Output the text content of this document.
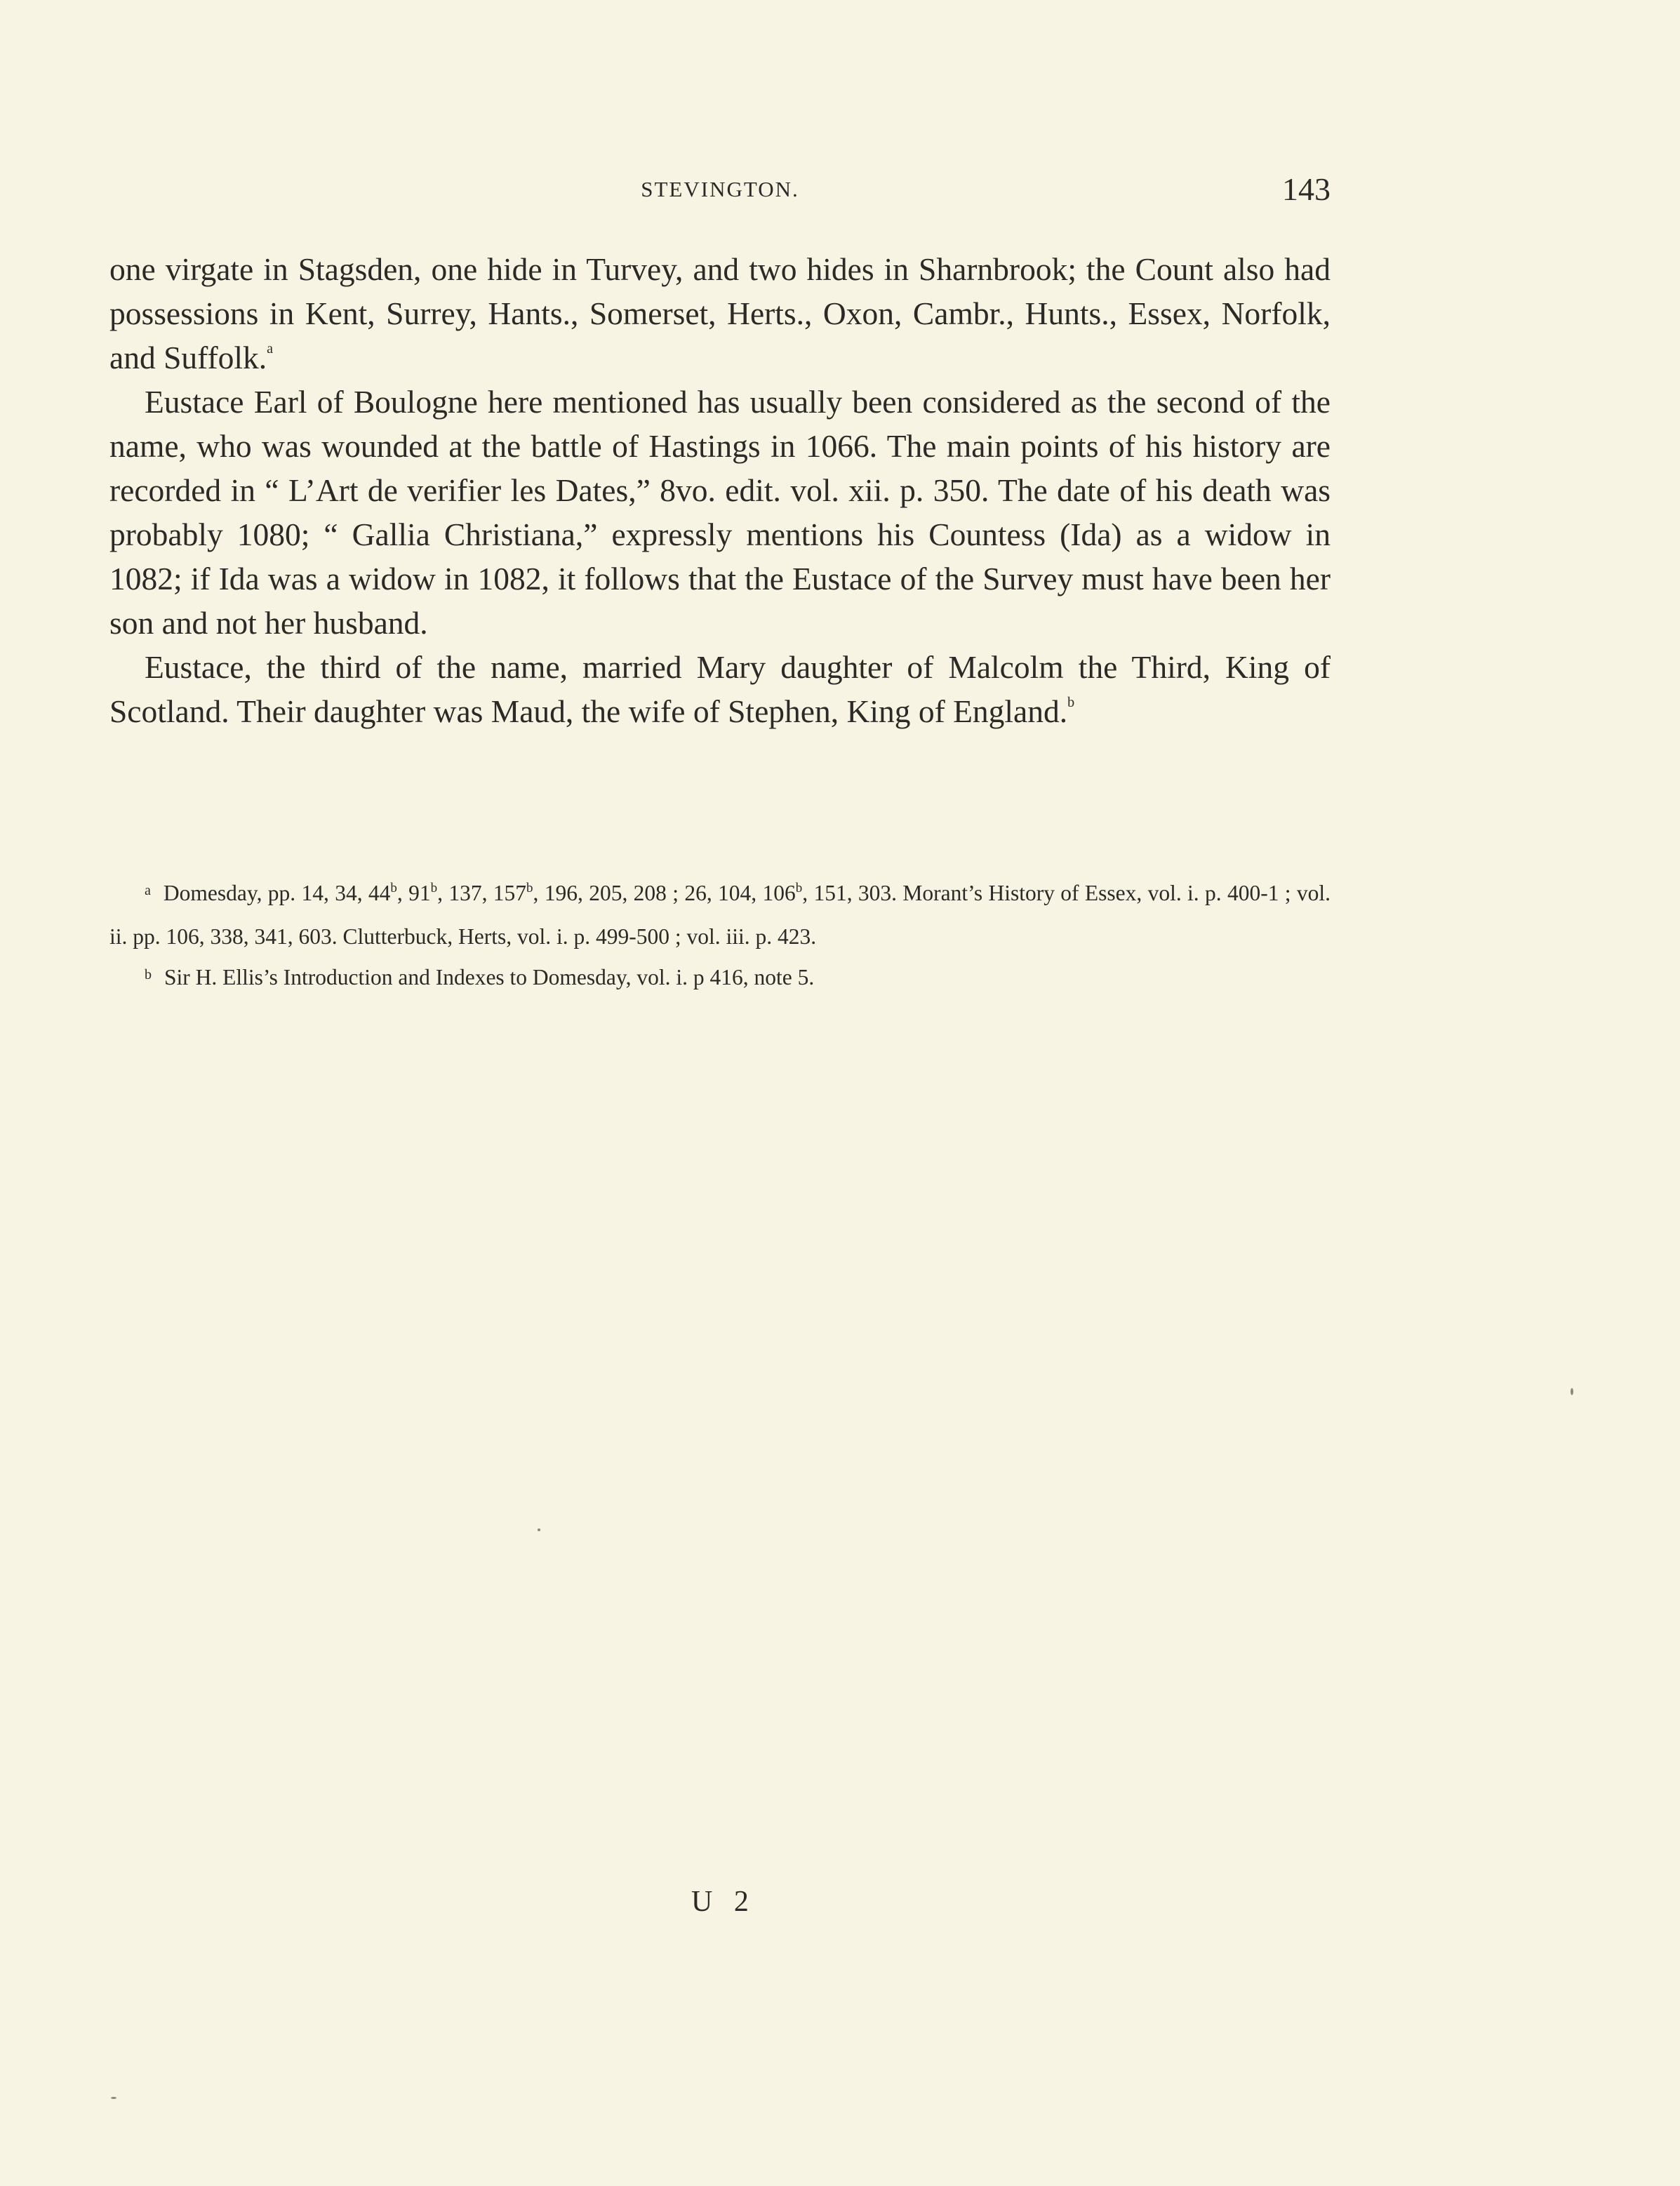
STEVINGTON.	143

one virgate in Stagsden, one hide in Turvey, and two hides in Sharnbrook; the Count also had possessions in Kent, Surrey, Hants., Somerset, Herts., Oxon, Cambr., Hunts., Essex, Norfolk, and Suffolk.$^a$

Eustace Earl of Boulogne here mentioned has usually been considered as the second of the name, who was wounded at the battle of Hastings in 1066. The main points of his history are recorded in “ L’Art de verifier les Dates,” 8vo. edit. vol. xii. p. 350. The date of his death was probably 1080; “ Gallia Christiana,” expressly mentions his Countess (Ida) as a widow in 1082; if Ida was a widow in 1082, it follows that the Eustace of the Survey must have been her son and not her husband.

Eustace, the third of the name, married Mary daughter of Malcolm the Third, King of Scotland. Their daughter was Maud, the wife of Stephen, King of England.$^b$

$^a$ Domesday, pp. 14, 34, 44$^b$, 91$^b$, 137, 157$^b$, 196, 205, 208 ; 26, 104, 106$^b$, 151, 303. Morant’s History of Essex, vol. i. p. 400-1 ; vol. ii. pp. 106, 338, 341, 603. Clutterbuck, Herts, vol. i. p. 499-500 ; vol. iii. p. 423.

$^b$ Sir H. Ellis’s Introduction and Indexes to Domesday, vol. i. p 416, note 5.

U 2
